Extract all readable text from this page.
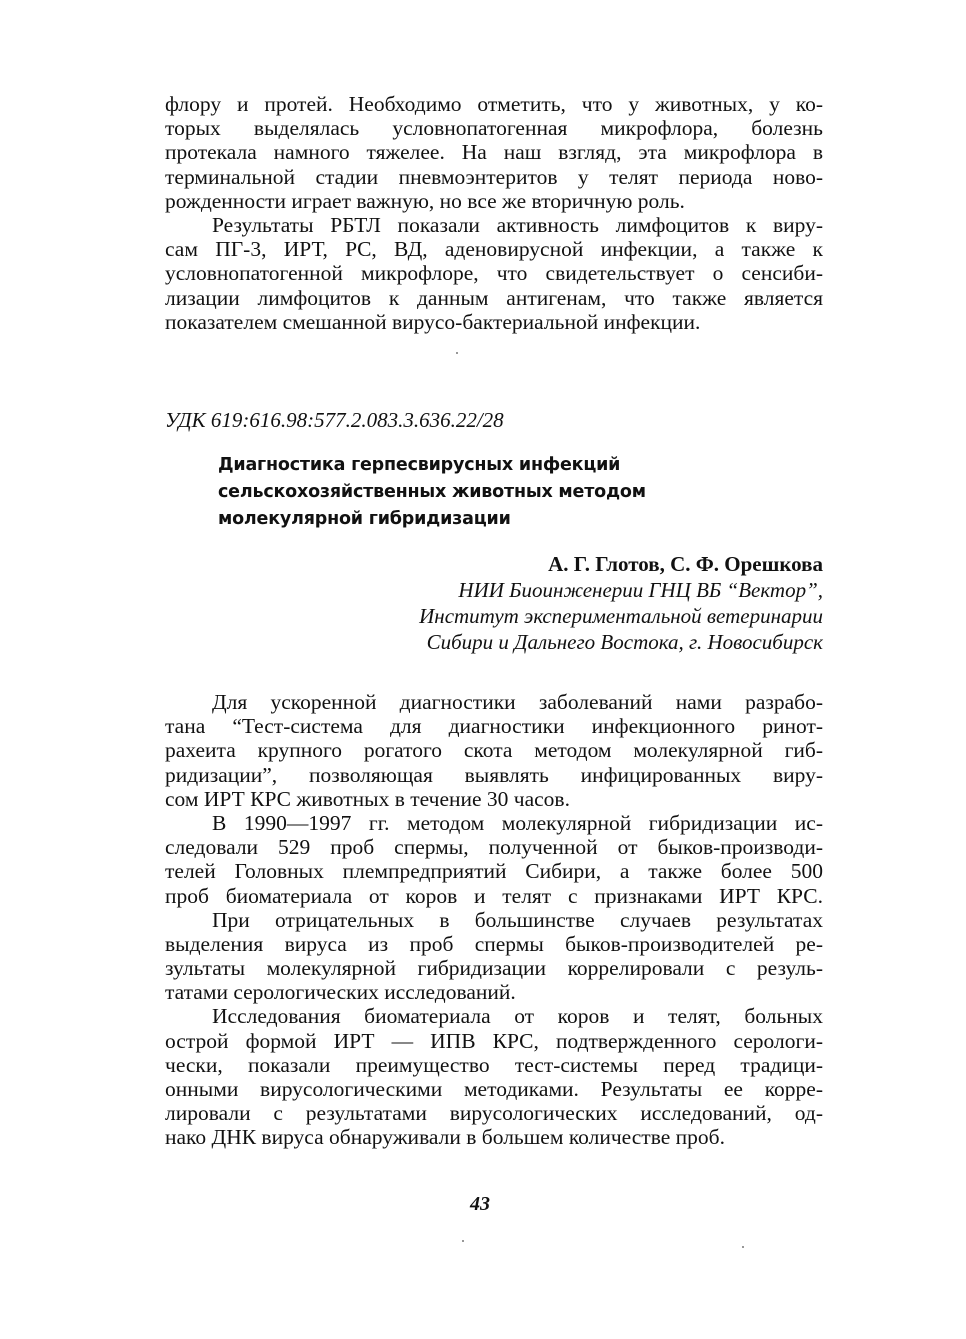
флору и протей. Необходимо отметить, что у животных, у ко-
торых выделялась условнопатогенная микрофлора, болезнь
протекала намного тяжелее. На наш взгляд, эта микрофлора в
терминальной стадии пневмоэнтеритов у телят периода ново-
рожденности играет важную, но все же вторичную роль.

Результаты РБТЛ показали активность лимфоцитов к виру-
сам ПГ-3, ИРТ, PC, ВД, аденовирусной инфекции, а также к
условнопатогенной микрофлоре, что свидетельствует о сенсиби-
лизации лимфоцитов к данным антигенам, что также является
показателем смешанной вирусо-бактериальной инфекции.

УДК 619:616.98:577.2.083.3.636.22/28
Диагностика герпесвирусных инфекций
сельскохозяйственных животных методом
молекулярной гибридизации
А. Г. Глотов, С. Ф. Орешкова
НИИ Биоинженерии ГНЦ ВБ “Вектор”,
Институт экспериментальной ветеринарии
Сибири и Дальнего Востока, г. Новосибирск

Для ускоренной диагностики заболеваний нами разрабо-
тана “Тест-система для диагностики инфекционного ринот-
рахеита крупного рогатого скота методом молекулярной гиб-
ридизации”, позволяющая выявлять инфицированных виру-
сом ИРТ КРС животных в течение 30 часов.

В 1990—1997 гг. методом молекулярной гибридизации ис-
следовали 529 проб спермы, полученной от быков-производи-
телей Головных племпредприятий Сибири, а также более 500
проб биоматериала от коров и телят с признаками ИРТ КРС.

При отрицательных в большинстве случаев результатах
выделения вируса из проб спермы быков-производителей ре-
зультаты молекулярной гибридизации коррелировали с резуль-
татами серологических исследований.

Исследования биоматериала от коров и телят, больных
острой формой ИРТ — ИПВ КРС, подтвержденного серологи-
чески, показали преимущество тест-системы перед традици-
онными вирусологическими методиками. Результаты ее корре-
лировали с результатами вирусологических исследований, од-
нако ДНК вируса обнаруживали в большем количестве проб.

43
